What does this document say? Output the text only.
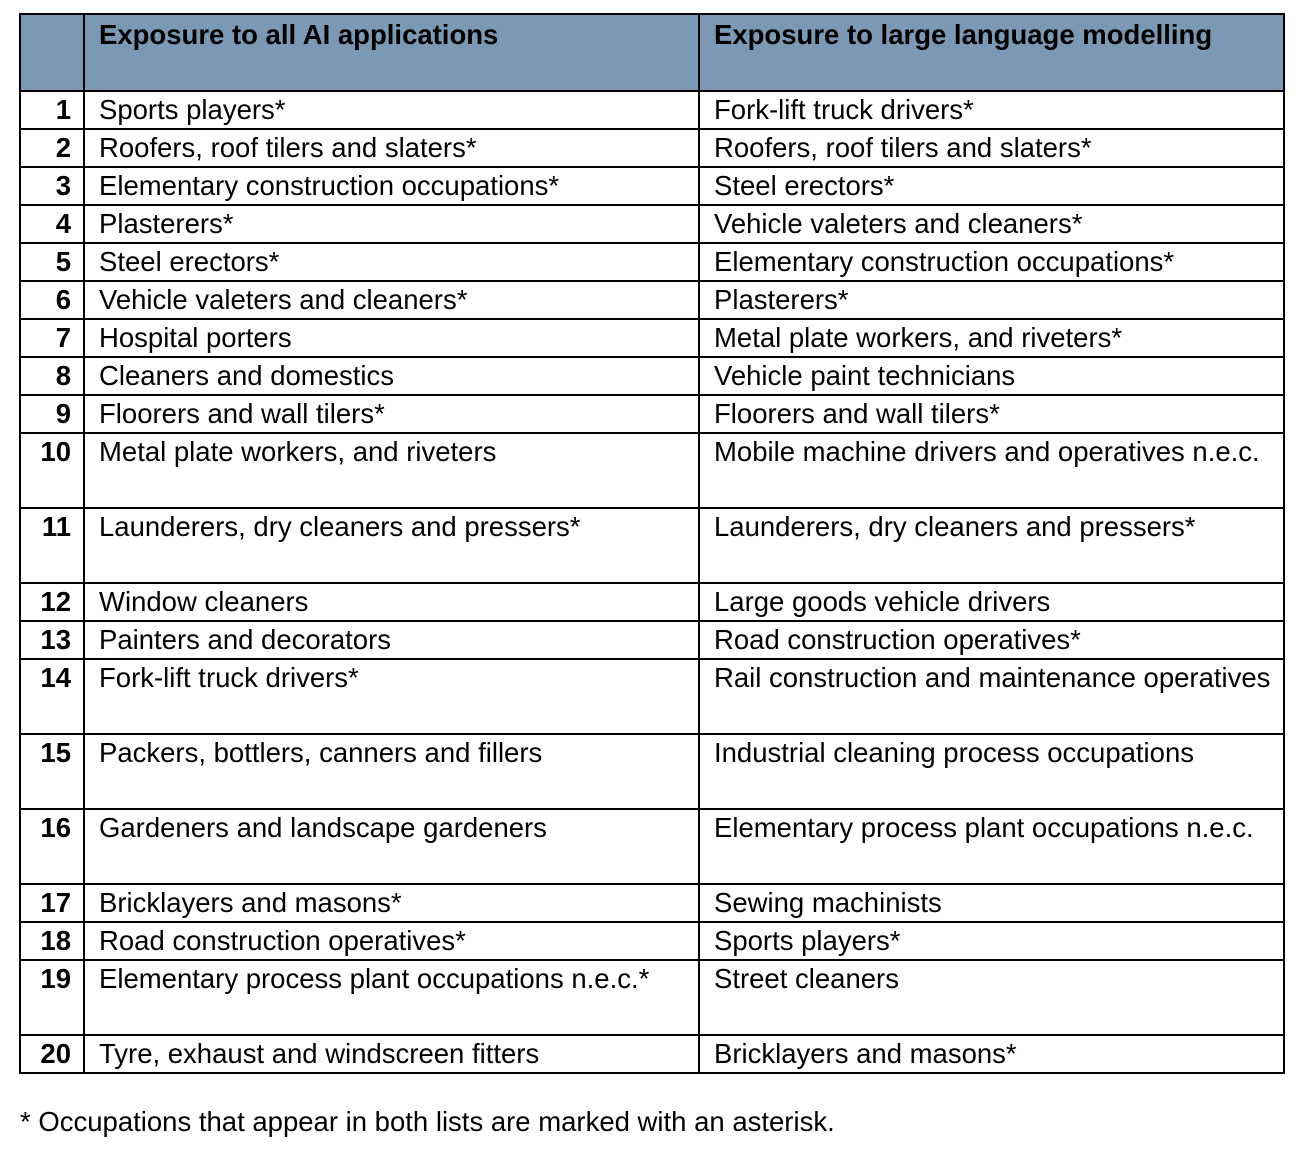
	Exposure to all AI applications	Exposure to large language modelling
1	Sports players*	Fork-lift truck drivers*
2	Roofers, roof tilers and slaters*	Roofers, roof tilers and slaters*
3	Elementary construction occupations*	Steel erectors*
4	Plasterers*	Vehicle valeters and cleaners*
5	Steel erectors*	Elementary construction occupations*
6	Vehicle valeters and cleaners*	Plasterers*
7	Hospital porters	Metal plate workers, and riveters*
8	Cleaners and domestics	Vehicle paint technicians
9	Floorers and wall tilers*	Floorers and wall tilers*
10	Metal plate workers, and riveters	Mobile machine drivers and operatives n.e.c.
11	Launderers, dry cleaners and pressers*	Launderers, dry cleaners and pressers*
12	Window cleaners	Large goods vehicle drivers
13	Painters and decorators	Road construction operatives*
14	Fork-lift truck drivers*	Rail construction and maintenance operatives
15	Packers, bottlers, canners and fillers	Industrial cleaning process occupations
16	Gardeners and landscape gardeners	Elementary process plant occupations n.e.c.
17	Bricklayers and masons*	Sewing machinists
18	Road construction operatives*	Sports players*
19	Elementary process plant occupations n.e.c.*	Street cleaners
20	Tyre, exhaust and windscreen fitters	Bricklayers and masons*
* Occupations that appear in both lists are marked with an asterisk.
